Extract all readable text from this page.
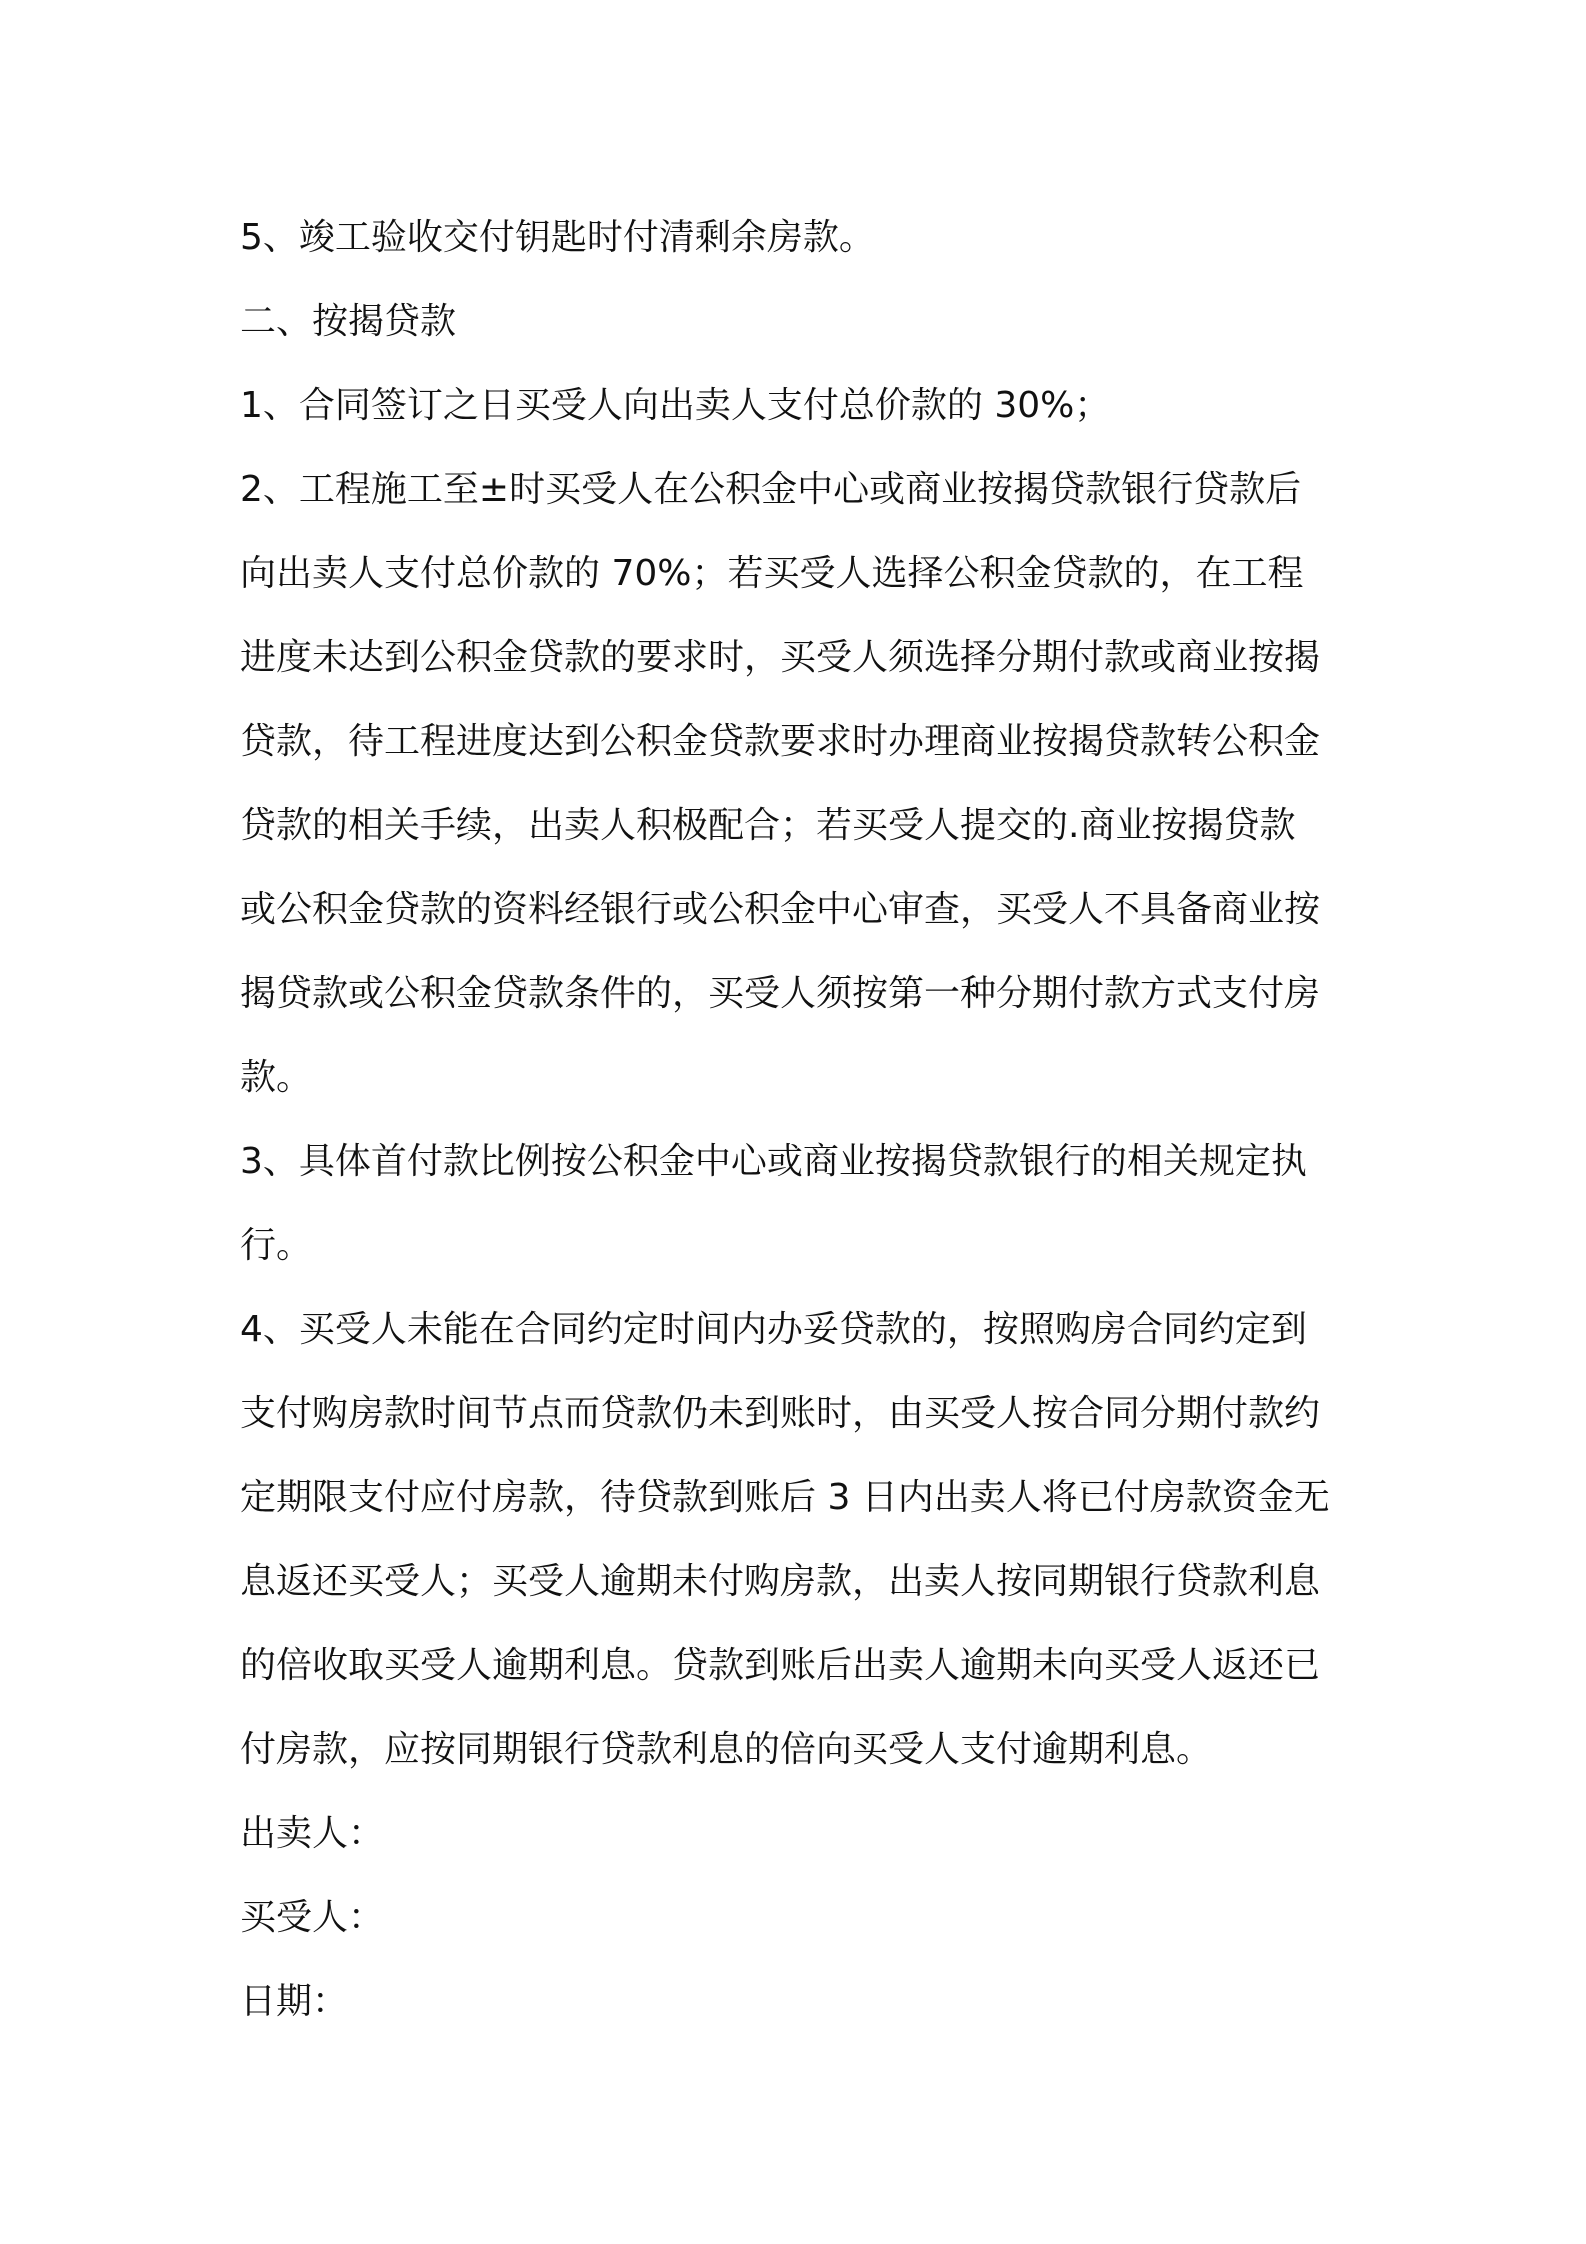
5、竣工验收交付钥匙时付清剩余房款。
二、按揭贷款
1、合同签订之日买受人向出卖人支付总价款的 30%；
2、工程施工至±时买受人在公积金中心或商业按揭贷款银行贷款后
向出卖人支付总价款的 70%；若买受人选择公积金贷款的，在工程
进度未达到公积金贷款的要求时，买受人须选择分期付款或商业按揭
贷款，待工程进度达到公积金贷款要求时办理商业按揭贷款转公积金
贷款的相关手续，出卖人积极配合；若买受人提交的.商业按揭贷款
或公积金贷款的资料经银行或公积金中心审查，买受人不具备商业按
揭贷款或公积金贷款条件的，买受人须按第一种分期付款方式支付房
款。
3、具体首付款比例按公积金中心或商业按揭贷款银行的相关规定执
行。
4、买受人未能在合同约定时间内办妥贷款的，按照购房合同约定到
支付购房款时间节点而贷款仍未到账时，由买受人按合同分期付款约
定期限支付应付房款，待贷款到账后 3 日内出卖人将已付房款资金无
息返还买受人；买受人逾期未付购房款，出卖人按同期银行贷款利息
的倍收取买受人逾期利息。贷款到账后出卖人逾期未向买受人返还已
付房款，应按同期银行贷款利息的倍向买受人支付逾期利息。
出卖人：
买受人：
日期：
